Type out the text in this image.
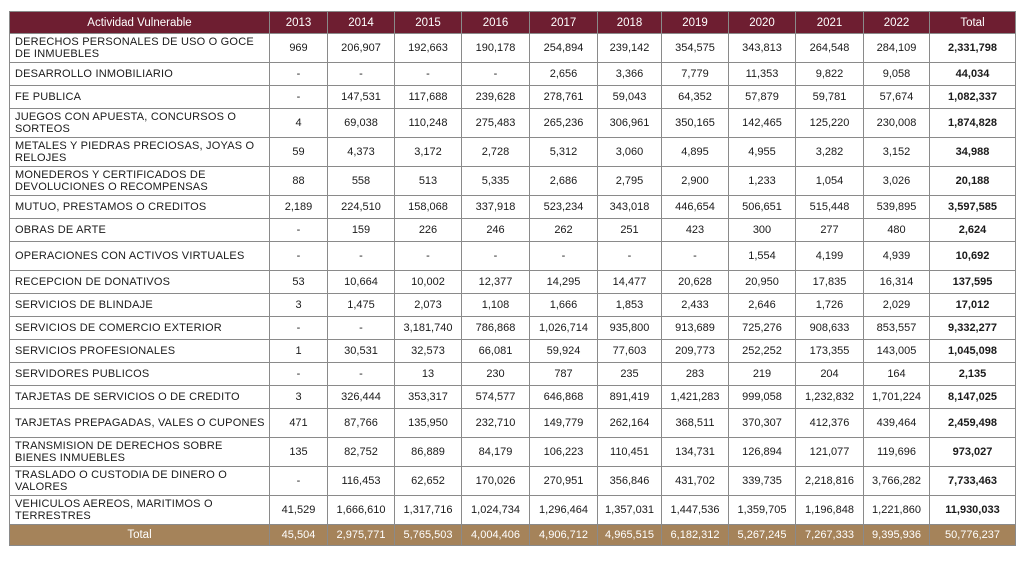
Actividad Vulnerable	2013	2014	2015	2016	2017	2018	2019	2020	2021	2022	Total
DERECHOS PERSONALES DE USO O GOCE DE INMUEBLES	969	206,907	192,663	190,178	254,894	239,142	354,575	343,813	264,548	284,109	2,331,798
DESARROLLO INMOBILIARIO	-	-	-	-	2,656	3,366	7,779	11,353	9,822	9,058	44,034
FE PUBLICA	-	147,531	117,688	239,628	278,761	59,043	64,352	57,879	59,781	57,674	1,082,337
JUEGOS CON APUESTA, CONCURSOS O SORTEOS	4	69,038	110,248	275,483	265,236	306,961	350,165	142,465	125,220	230,008	1,874,828
METALES Y PIEDRAS PRECIOSAS, JOYAS O RELOJES	59	4,373	3,172	2,728	5,312	3,060	4,895	4,955	3,282	3,152	34,988
MONEDEROS Y CERTIFICADOS DE DEVOLUCIONES O RECOMPENSAS	88	558	513	5,335	2,686	2,795	2,900	1,233	1,054	3,026	20,188
MUTUO, PRESTAMOS O CREDITOS	2,189	224,510	158,068	337,918	523,234	343,018	446,654	506,651	515,448	539,895	3,597,585
OBRAS DE ARTE	-	159	226	246	262	251	423	300	277	480	2,624
OPERACIONES CON ACTIVOS VIRTUALES	-	-	-	-	-	-	-	1,554	4,199	4,939	10,692
RECEPCION DE DONATIVOS	53	10,664	10,002	12,377	14,295	14,477	20,628	20,950	17,835	16,314	137,595
SERVICIOS DE BLINDAJE	3	1,475	2,073	1,108	1,666	1,853	2,433	2,646	1,726	2,029	17,012
SERVICIOS DE COMERCIO EXTERIOR	-	-	3,181,740	786,868	1,026,714	935,800	913,689	725,276	908,633	853,557	9,332,277
SERVICIOS PROFESIONALES	1	30,531	32,573	66,081	59,924	77,603	209,773	252,252	173,355	143,005	1,045,098
SERVIDORES PUBLICOS	-	-	13	230	787	235	283	219	204	164	2,135
TARJETAS DE SERVICIOS O DE CREDITO	3	326,444	353,317	574,577	646,868	891,419	1,421,283	999,058	1,232,832	1,701,224	8,147,025
TARJETAS PREPAGADAS, VALES O CUPONES	471	87,766	135,950	232,710	149,779	262,164	368,511	370,307	412,376	439,464	2,459,498
TRANSMISION DE DERECHOS SOBRE BIENES INMUEBLES	135	82,752	86,889	84,179	106,223	110,451	134,731	126,894	121,077	119,696	973,027
TRASLADO O CUSTODIA DE DINERO O VALORES	-	116,453	62,652	170,026	270,951	356,846	431,702	339,735	2,218,816	3,766,282	7,733,463
VEHICULOS AEREOS, MARITIMOS O TERRESTRES	41,529	1,666,610	1,317,716	1,024,734	1,296,464	1,357,031	1,447,536	1,359,705	1,196,848	1,221,860	11,930,033
Total	45,504	2,975,771	5,765,503	4,004,406	4,906,712	4,965,515	6,182,312	5,267,245	7,267,333	9,395,936	50,776,237
